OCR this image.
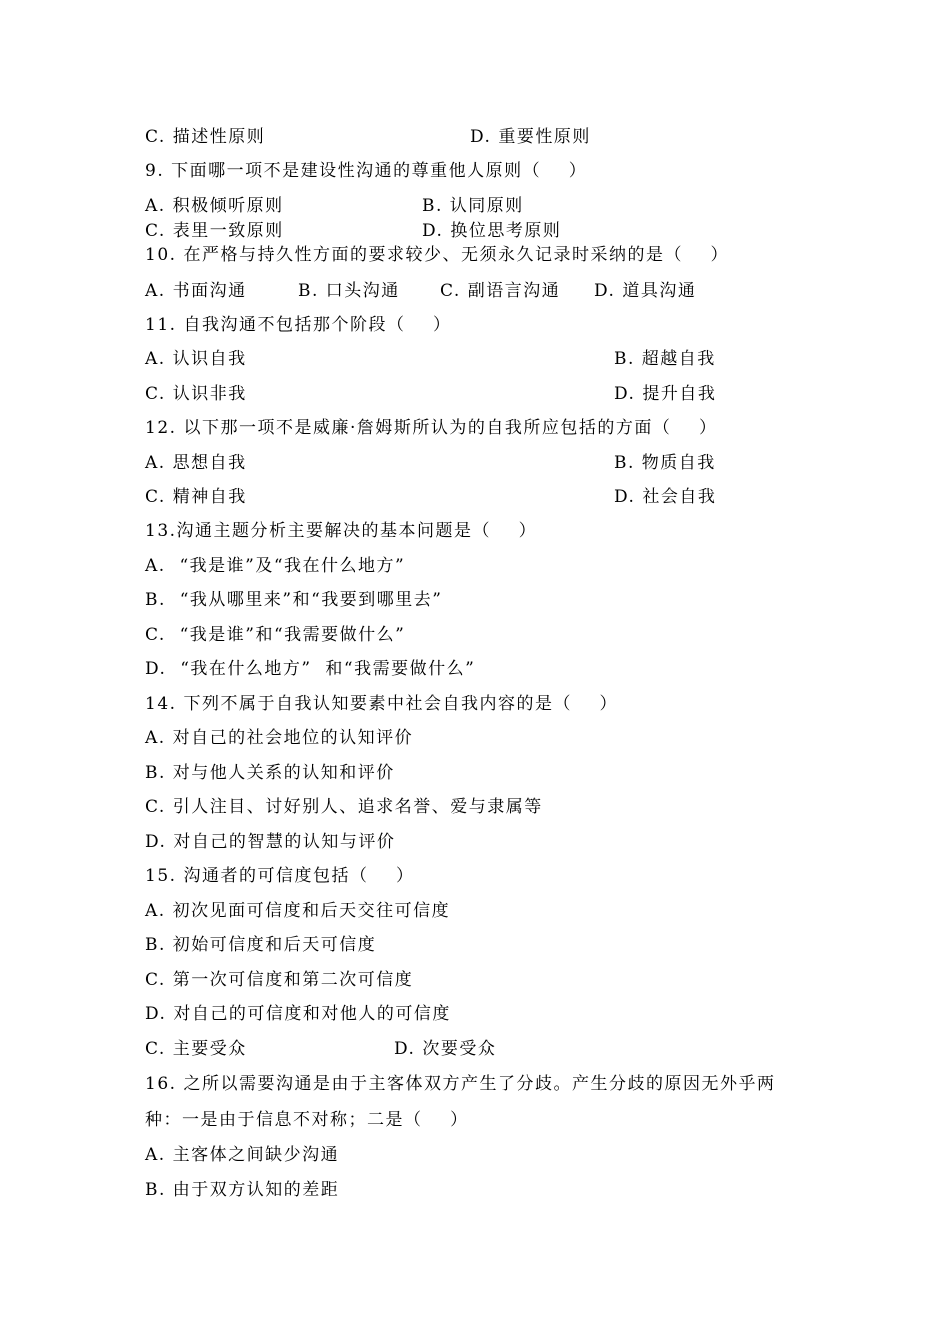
C. 描述性原则	D. 重要性原则
9. 下面哪一项不是建设性沟通的尊重他人原则（    ）
A. 积极倾听原则	B. 认同原则
C. 表里一致原则	D. 换位思考原则
10. 在严格与持久性方面的要求较少、无须永久记录时采纳的是（    ）
A. 书面沟通	B. 口头沟通 C. 副语言沟通 D. 道具沟通
11. 自我沟通不包括那个阶段（    ）
A. 认识自我	B. 超越自我
C. 认识非我	D. 提升自我
12. 以下那一项不是威廉·詹姆斯所认为的自我所应包括的方面（    ）
A. 思想自我	B. 物质自我
C. 精神自我	D. 社会自我
13.沟通主题分析主要解决的基本问题是（    ）
A.  “我是谁”及“我在什么地方”
B.  “我从哪里来”和“我要到哪里去”
C.  “我是谁”和“我需要做什么”
D.  “我在什么地方”  和“我需要做什么”
14. 下列不属于自我认知要素中社会自我内容的是（    ）
A. 对自己的社会地位的认知评价
B. 对与他人关系的认知和评价
C. 引人注目、讨好别人、追求名誉、爱与隶属等
D. 对自己的智慧的认知与评价
15. 沟通者的可信度包括（    ）
A. 初次见面可信度和后天交往可信度
B. 初始可信度和后天可信度
C. 第一次可信度和第二次可信度
D. 对自己的可信度和对他人的可信度
C. 主要受众	D. 次要受众
16. 之所以需要沟通是由于主客体双方产生了分歧。产生分歧的原因无外乎两
种：一是由于信息不对称；二是（    ）
A. 主客体之间缺少沟通
B. 由于双方认知的差距
